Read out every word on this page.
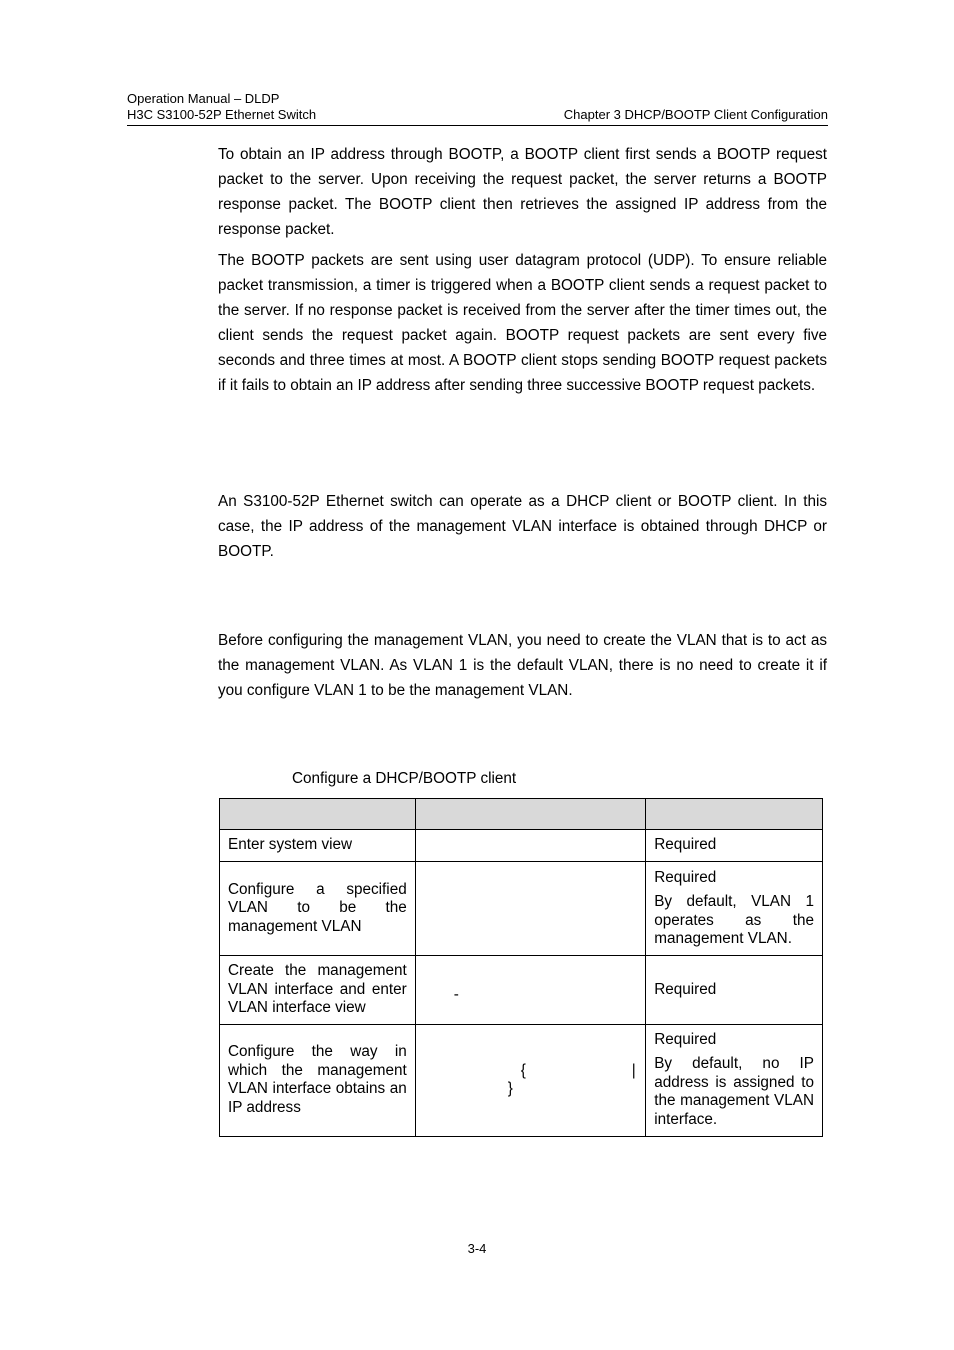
Operation Manual – DLDP
H3C S3100-52P Ethernet Switch	Chapter 3 DHCP/BOOTP Client Configuration

To obtain an IP address through BOOTP, a BOOTP client first sends a BOOTP request packet to the server. Upon receiving the request packet, the server returns a BOOTP response packet. The BOOTP client then retrieves the assigned IP address from the response packet.

The BOOTP packets are sent using user datagram protocol (UDP). To ensure reliable packet transmission, a timer is triggered when a BOOTP client sends a request packet to the server. If no response packet is received from the server after the timer times out, the client sends the request packet again. BOOTP request packets are sent every five seconds and three times at most. A BOOTP client stops sending BOOTP request packets if it fails to obtain an IP address after sending three successive BOOTP request packets.

An S3100-52P Ethernet switch can operate as a DHCP client or BOOTP client. In this case, the IP address of the management VLAN interface is obtained through DHCP or BOOTP.

Before configuring the management VLAN, you need to create the VLAN that is to act as the management VLAN. As VLAN 1 is the default VLAN, there is no need to create it if you configure VLAN 1 to be the management VLAN.

Configure a DHCP/BOOTP client

Enter system view		Required

Configure a specified VLAN to be the management VLAN		Required
By default, VLAN 1 operates as the management VLAN.

Create the management VLAN interface and enter VLAN interface view	-	Required

Configure the way in which the management VLAN interface obtains an IP address	{ |
}	Required
By default, no IP address is assigned to the management VLAN interface.
3-4
